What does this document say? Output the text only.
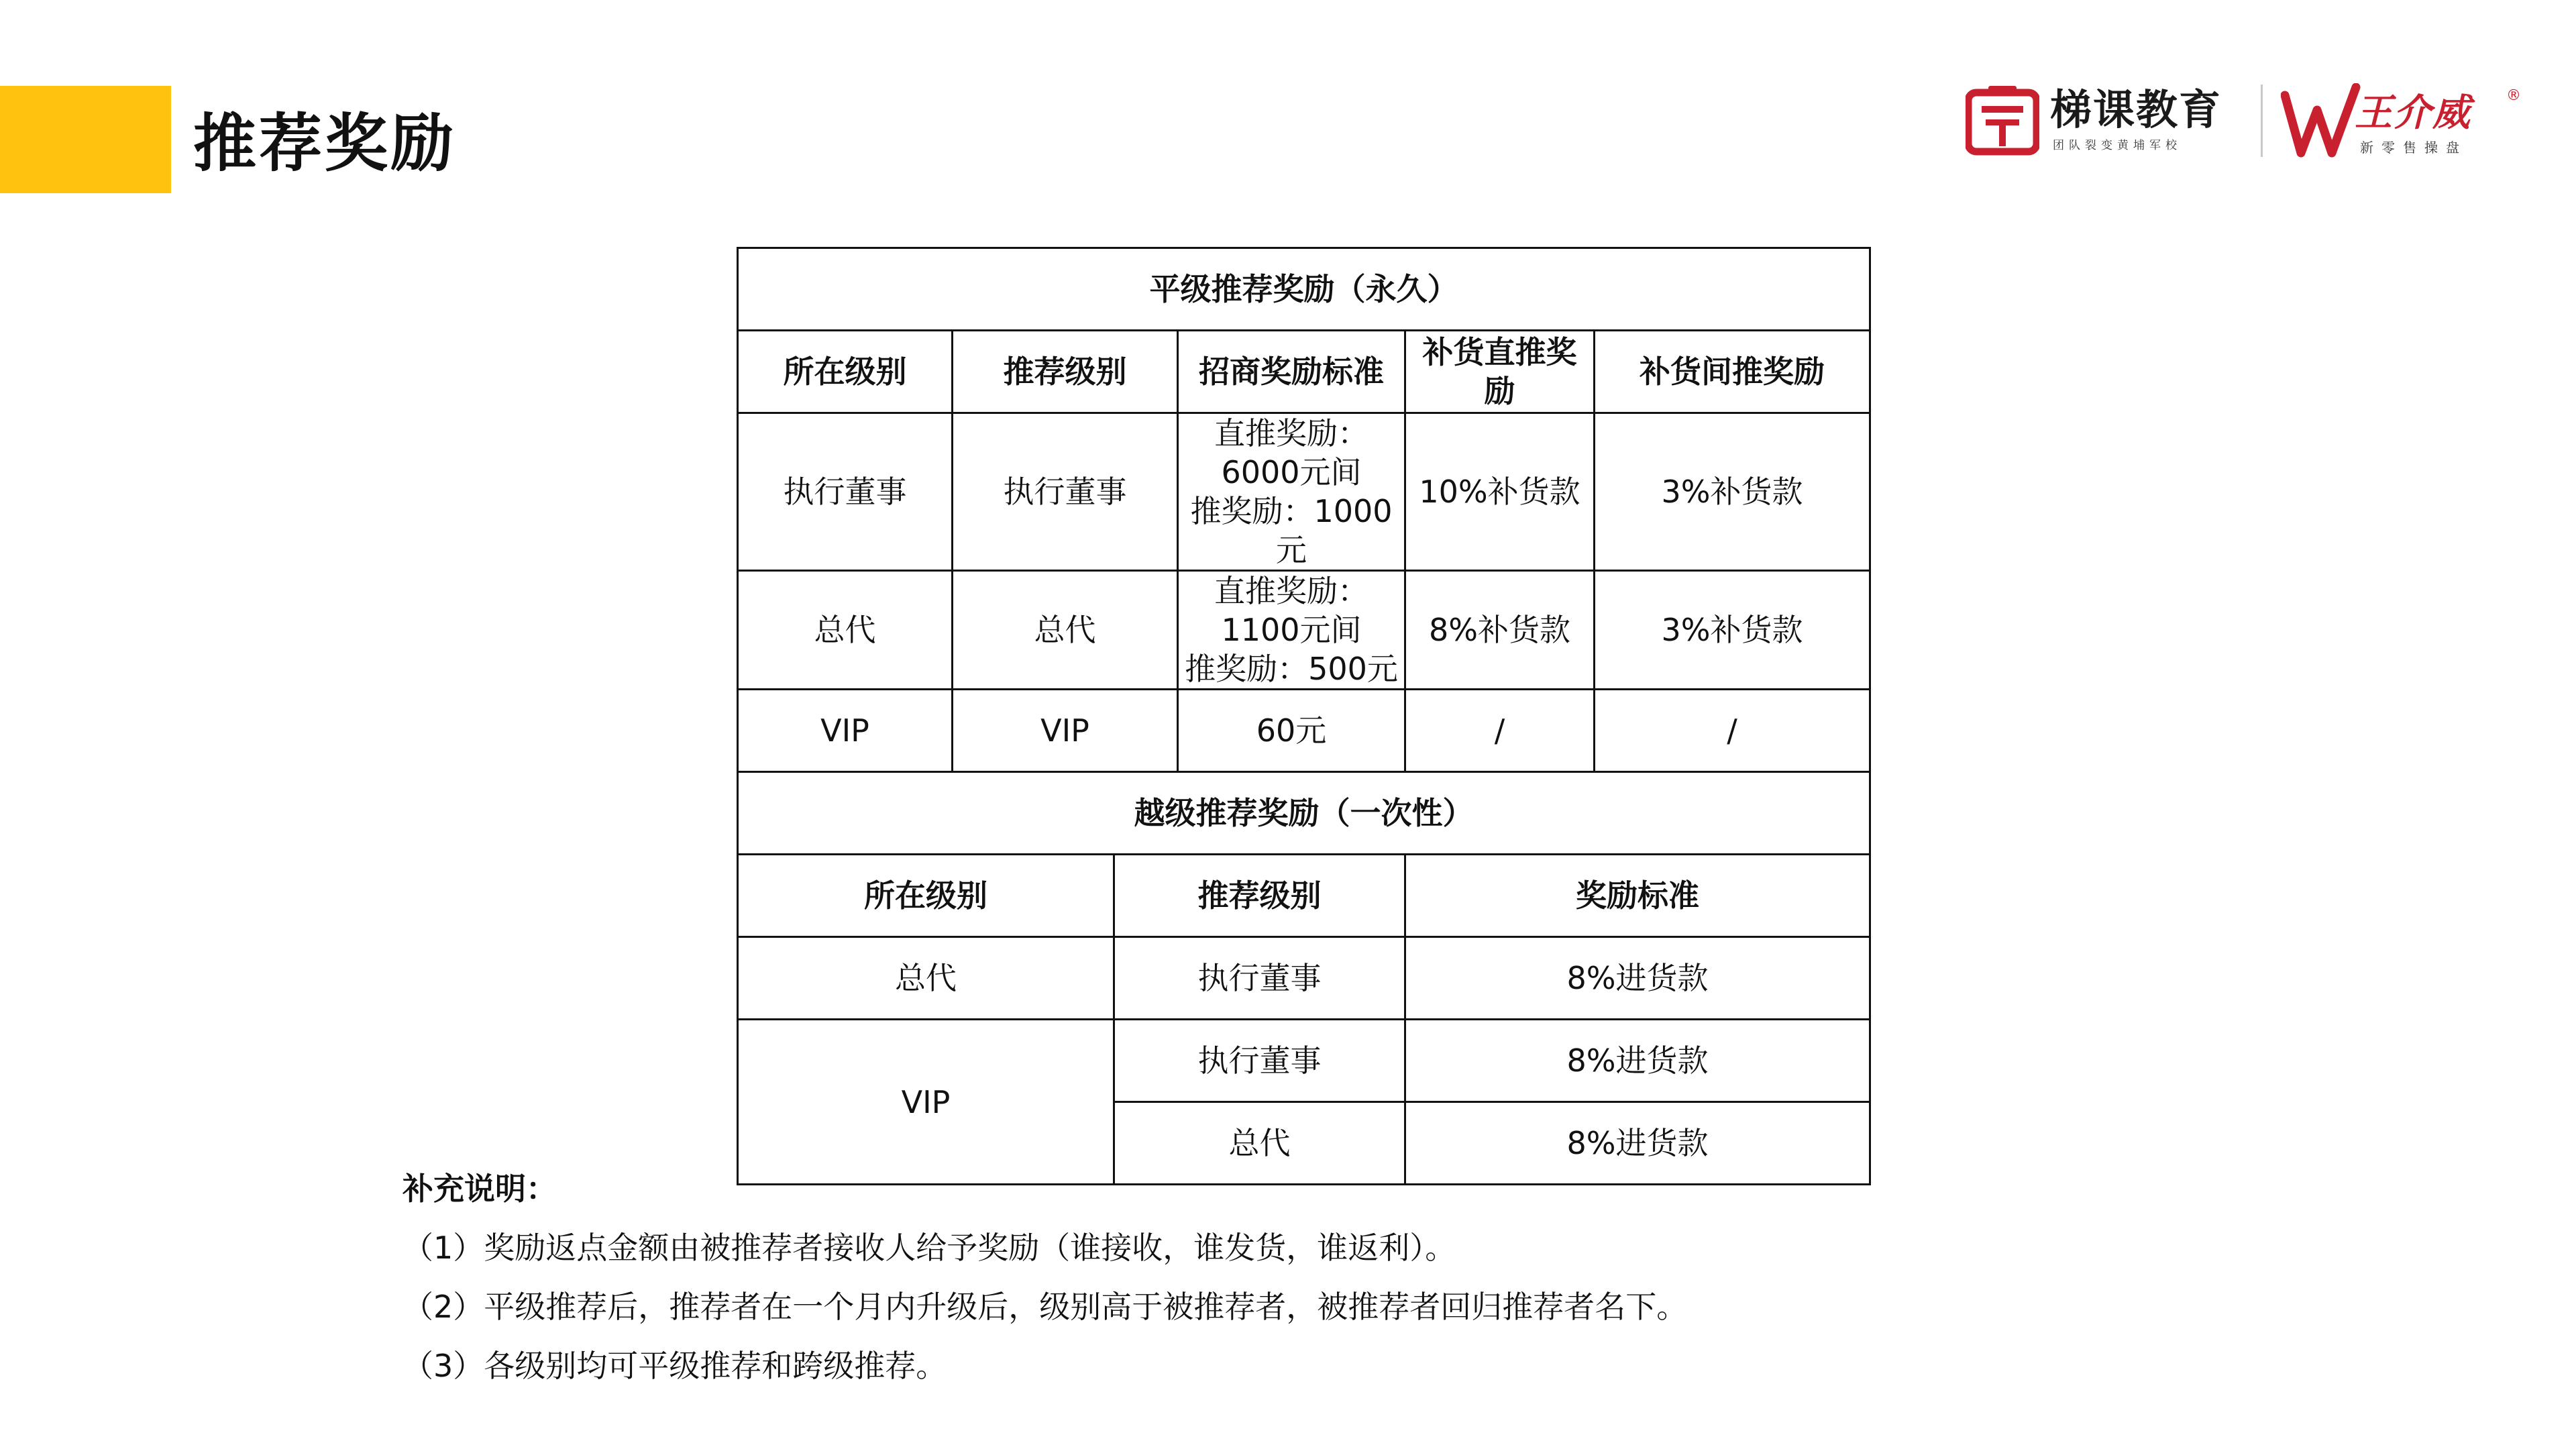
推荐奖励	梯课教育
团队裂变黄埔军校
王介威 ®
新零售操盘
平级推荐奖励（永久）					
所在级别	推荐级别		招商奖励标准	补货直推奖励	补货间推奖励
执行董事	执行董事		直推奖励：6000元间
推奖励：1000元	10%补货款	3%补货款
总代	总代		直推奖励：1100元间
推奖励：500元	8%补货款	3%补货款
VIP	VIP		60元	/	/
越级推荐奖励（一次性）					
所在级别		推荐级别		奖励标准	
总代		执行董事		8%进货款	
VIP		执行董事		8%进货款	
		总代		8%进货款	
补充说明：
（1）奖励返点金额由被推荐者接收人给予奖励（谁接收，谁发货，谁返利）。
（2）平级推荐后，推荐者在一个月内升级后，级别高于被推荐者，被推荐者回归推荐者名下。
（3）各级别均可平级推荐和跨级推荐。
